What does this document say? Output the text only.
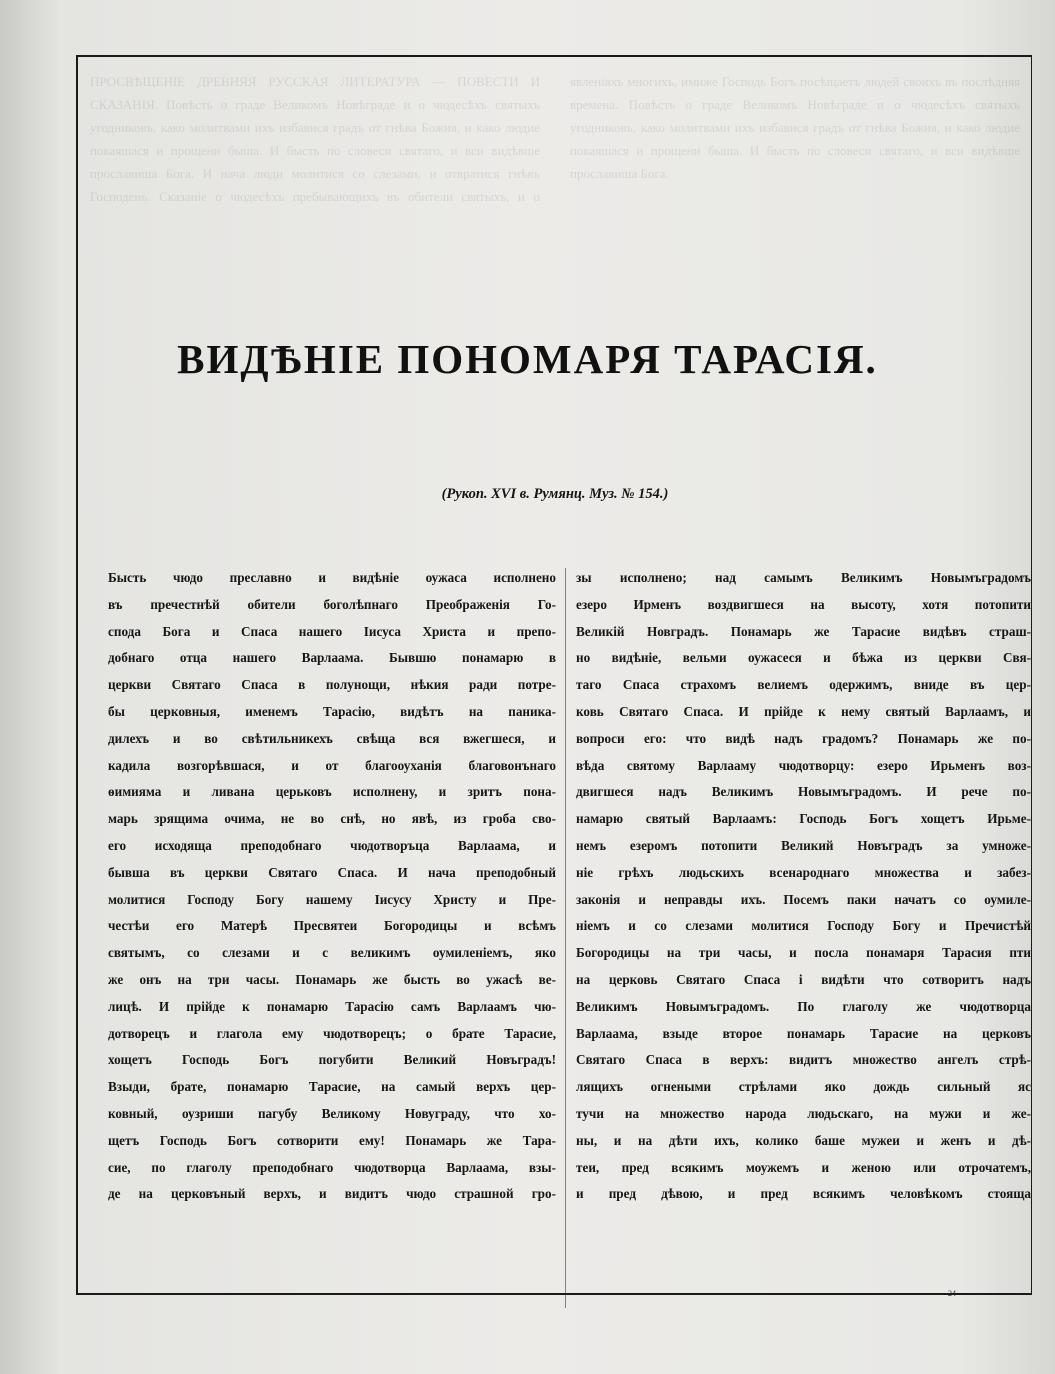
ВИДѢНІЕ ПОНОМАРЯ ТАРАСІЯ.
(Рукоп. XVI в. Румянц. Муз. № 154.)
Бысть чюдо преславно и видѣніе оужаса исполнено
въ пречестнѣй обители боголѣпнаго Преображенія Го-
спода Бога и Спаса нашего Іисуса Христа и препо-
добнаго отца нашего Варлаама. Бывшю понамарю в
церкви Святаго Спаса в полунощи, нѣкия ради потре-
бы церковныя, именемъ Тарасію, видѣтъ на паника-
дилехъ и во свѣтильникехъ свѣща вся вжегшеся, и
кадила возгорѣвшася, и от благооуханія благовонънаго
ѳимияма и ливана церьковъ исполнену, и зритъ пона-
марь зрящима очима, не во снѣ, но явѣ, из гроба сво-
его исходяща преподобнаго чюдотворъца Варлаама, и
бывша въ церкви Святаго Спаса. И нача преподобный
молитися Господу Богу нашему Іисусу Христу и Пре-
честѣи его Матерѣ Пресвятеи Богородицы и всѣмъ
святымъ, со слезами и с великимъ оумиленіемъ, яко
же онъ на три часы. Понамарь же бысть во ужасѣ ве-
лицѣ. И прійде к понамарю Тарасію самъ Варлаамъ чю-
дотворецъ и глагола ему чюдотворецъ; о брате Тарасие,
хощетъ Господь Богъ погубити Великий Новъградъ!
Взыди, брате, понамарю Тарасие, на самый верхъ цер-
ковный, оузриши пагубу Великому Новуграду, что хо-
щетъ Господь Богъ сотворити ему! Понамарь же Тара-
сие, по глаголу преподобнаго чюдотворца Варлаама, взы-
де на церковъный верхъ, и видитъ чюдо страшной гро-
зы исполнено; над самымъ Великимъ Новымъградомъ
езеро Ирменъ воздвигшеся на высоту, хотя потопити
Великій Новградъ. Понамарь же Тарасие видѣвъ страш-
но видѣніе, вельми оужасеся и бѣжа из церкви Свя-
таго Спаса страхомъ велиемъ одержимъ, вниде въ цер-
ковь Святаго Спаса. И прійде к нему святый Варлаамъ, и
вопроси его: что видѣ надъ градомъ? Понамарь же по-
вѣда святому Варлааму чюдотворцу: езеро Ирьменъ воз-
двигшеся надъ Великимъ Новымъградомъ. И рече по-
намарю святый Варлаамъ: Господь Богъ хощетъ Ирьме-
немъ езеромъ потопити Великий Новъградъ за умноже-
ніе грѣхъ людьскихъ всенароднаго множества и забез-
законія и неправды ихъ. Посемъ паки начатъ со оумиле-
ніемъ и со слезами молитися Господу Богу и Пречистѣй
Богородицы на три часы, и посла понамаря Тарасия пти
на церковь Святаго Спаса і видѣти что сотворитъ надъ
Великимъ Новымъградомъ. По глаголу же чюдотворца
Варлаама, взыде второе понамарь Тарасие на церковъ
Святаго Спаса в верхъ: видитъ множество ангелъ стрѣ-
лящихъ огнеными стрѣлами яко дождь сильный яс
тучи на множество народа людьскаго, на мужи и же-
ны, и на дѣти ихъ, колико баше мужеи и женъ и дѣ-
теи, пред всякимъ моужемъ и женою или отрочатемъ,
и пред дѣвою, и пред всякимъ человѣкомъ стояща
24
